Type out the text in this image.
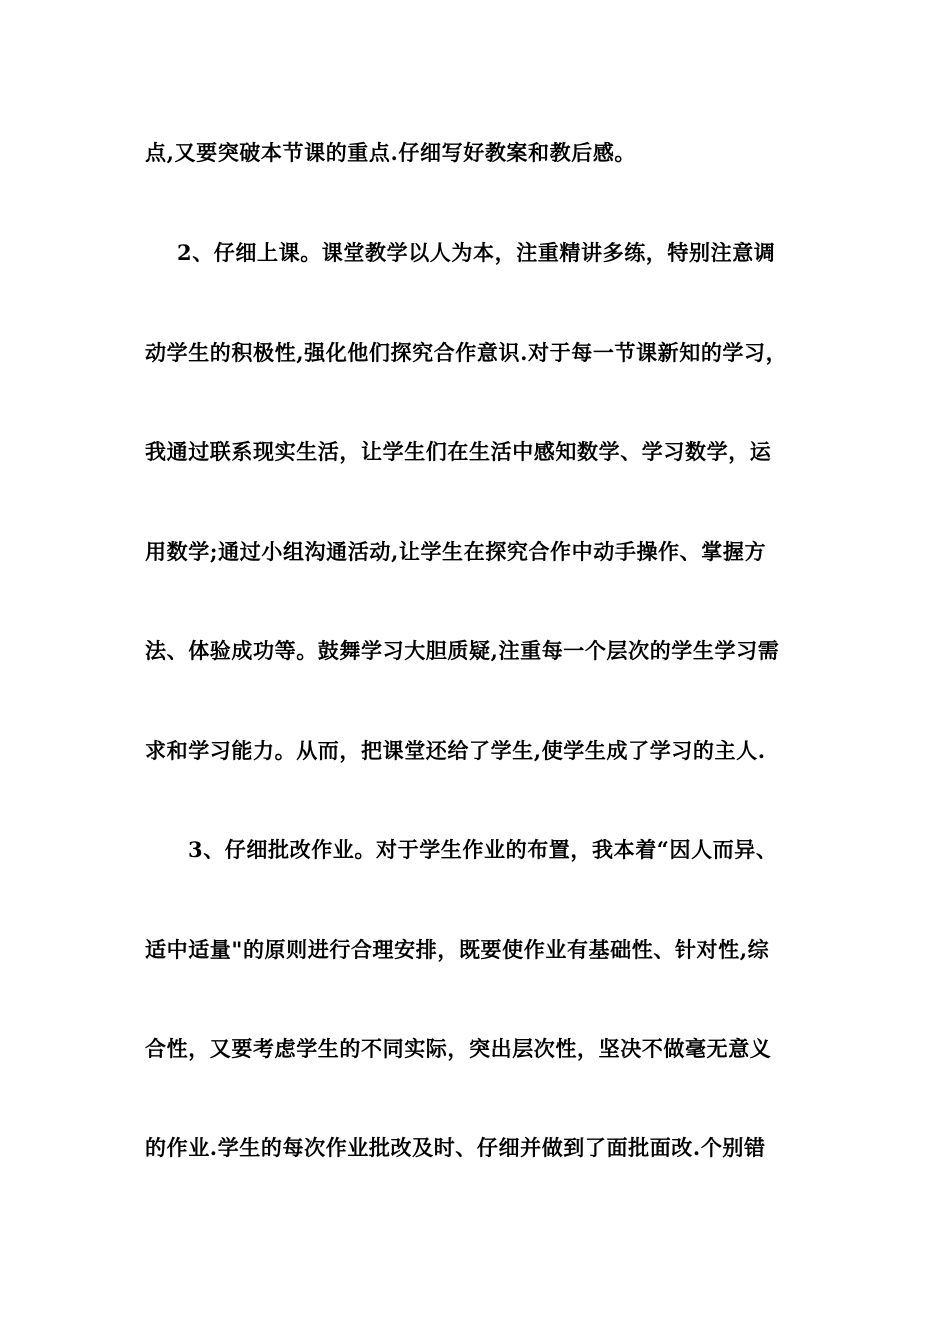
点,又要突破本节课的重点.仔细写好教案和教后感。
2、仔细上课。课堂教学以人为本，注重精讲多练，特别注意调
动学生的积极性,强化他们探究合作意识.对于每一节课新知的学习，
我通过联系现实生活，让学生们在生活中感知数学、学习数学，运
用数学;通过小组沟通活动,让学生在探究合作中动手操作、掌握方
法、体验成功等。鼓舞学习大胆质疑,注重每一个层次的学生学习需
求和学习能力。从而，把课堂还给了学生,使学生成了学习的主人.
3、仔细批改作业。对于学生作业的布置，我本着“因人而异、
适中适量"的原则进行合理安排，既要使作业有基础性、针对性,综
合性，又要考虑学生的不同实际，突出层次性，坚决不做毫无意义
的作业.学生的每次作业批改及时、仔细并做到了面批面改.个别错
